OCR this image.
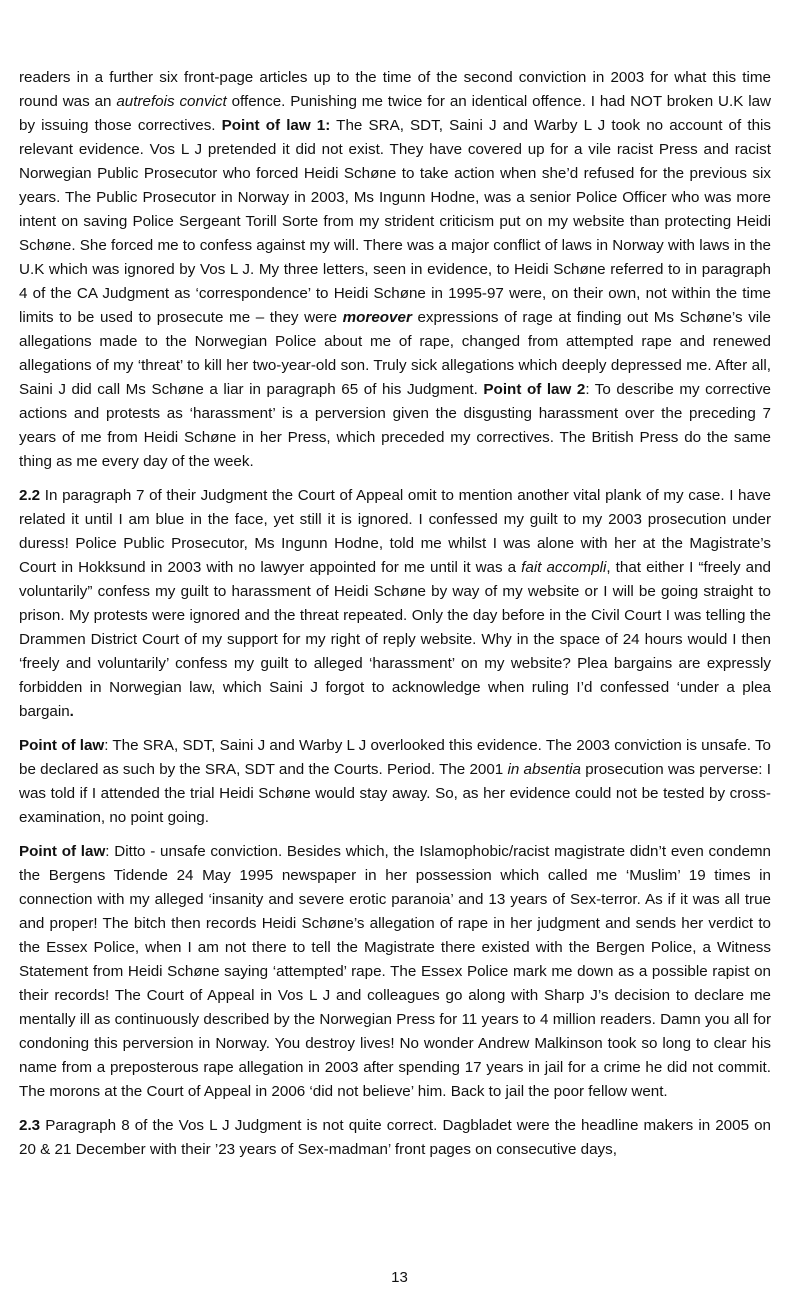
readers in a further six front-page articles up to the time of the second conviction in 2003 for what this time round was an autrefois convict offence. Punishing me twice for an identical offence. I had NOT broken U.K law by issuing those correctives. Point of law 1: The SRA, SDT, Saini J and Warby L J took no account of this relevant evidence. Vos L J pretended it did not exist. They have covered up for a vile racist Press and racist Norwegian Public Prosecutor who forced Heidi Schøne to take action when she’d refused for the previous six years. The Public Prosecutor in Norway in 2003, Ms Ingunn Hodne, was a senior Police Officer who was more intent on saving Police Sergeant Torill Sorte from my strident criticism put on my website than protecting Heidi Schøne. She forced me to confess against my will. There was a major conflict of laws in Norway with laws in the U.K which was ignored by Vos L J. My three letters, seen in evidence, to Heidi Schøne referred to in paragraph 4 of the CA Judgment as ‘correspondence’ to Heidi Schøne in 1995-97 were, on their own, not within the time limits to be used to prosecute me – they were moreover expressions of rage at finding out Ms Schøne’s vile allegations made to the Norwegian Police about me of rape, changed from attempted rape and renewed allegations of my ‘threat’ to kill her two-year-old son. Truly sick allegations which deeply depressed me. After all, Saini J did call Ms Schøne a liar in paragraph 65 of his Judgment. Point of law 2: To describe my corrective actions and protests as ‘harassment’ is a perversion given the disgusting harassment over the preceding 7 years of me from Heidi Schøne in her Press, which preceded my correctives. The British Press do the same thing as me every day of the week.

2.2 In paragraph 7 of their Judgment the Court of Appeal omit to mention another vital plank of my case. I have related it until I am blue in the face, yet still it is ignored. I confessed my guilt to my 2003 prosecution under duress! Police Public Prosecutor, Ms Ingunn Hodne, told me whilst I was alone with her at the Magistrate’s Court in Hokksund in 2003 with no lawyer appointed for me until it was a fait accompli, that either I “freely and voluntarily” confess my guilt to harassment of Heidi Schøne by way of my website or I will be going straight to prison. My protests were ignored and the threat repeated. Only the day before in the Civil Court I was telling the Drammen District Court of my support for my right of reply website. Why in the space of 24 hours would I then ‘freely and voluntarily’ confess my guilt to alleged ‘harassment’ on my website? Plea bargains are expressly forbidden in Norwegian law, which Saini J forgot to acknowledge when ruling I’d confessed ‘under a plea bargain.

Point of law: The SRA, SDT, Saini J and Warby L J overlooked this evidence. The 2003 conviction is unsafe. To be declared as such by the SRA, SDT and the Courts. Period. The 2001 in absentia prosecution was perverse: I was told if I attended the trial Heidi Schøne would stay away. So, as her evidence could not be tested by cross-examination, no point going.

Point of law: Ditto - unsafe conviction. Besides which, the Islamophobic/racist magistrate didn’t even condemn the Bergens Tidende 24 May 1995 newspaper in her possession which called me ‘Muslim’ 19 times in connection with my alleged ‘insanity and severe erotic paranoia’ and 13 years of Sex-terror. As if it was all true and proper! The bitch then records Heidi Schøne’s allegation of rape in her judgment and sends her verdict to the Essex Police, when I am not there to tell the Magistrate there existed with the Bergen Police, a Witness Statement from Heidi Schøne saying ‘attempted’ rape. The Essex Police mark me down as a possible rapist on their records! The Court of Appeal in Vos L J and colleagues go along with Sharp J’s decision to declare me mentally ill as continuously described by the Norwegian Press for 11 years to 4 million readers. Damn you all for condoning this perversion in Norway. You destroy lives! No wonder Andrew Malkinson took so long to clear his name from a preposterous rape allegation in 2003 after spending 17 years in jail for a crime he did not commit. The morons at the Court of Appeal in 2006 ‘did not believe’ him. Back to jail the poor fellow went.

2.3 Paragraph 8 of the Vos L J Judgment is not quite correct. Dagbladet were the headline makers in 2005 on 20 & 21 December with their ’23 years of Sex-madman’ front pages on consecutive days,

13
